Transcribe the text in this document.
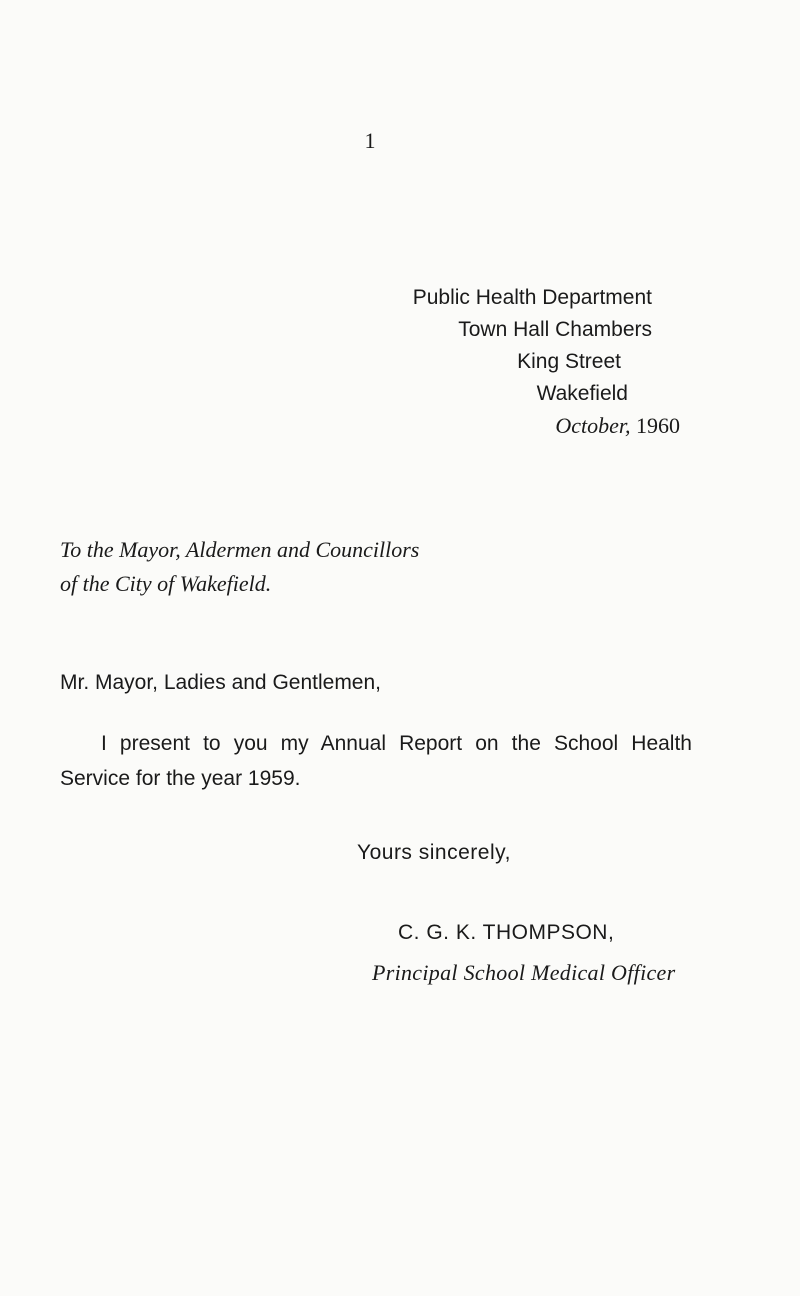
1
Public Health Department
Town Hall Chambers
King Street
Wakefield
October, 1960
To the Mayor, Aldermen and Councillors
of the City of Wakefield.
Mr. Mayor, Ladies and Gentlemen,
I present to you my Annual Report on the School Health
Service for the year 1959.
Yours sincerely,
C. G. K. THOMPSON,
Principal School Medical Officer
